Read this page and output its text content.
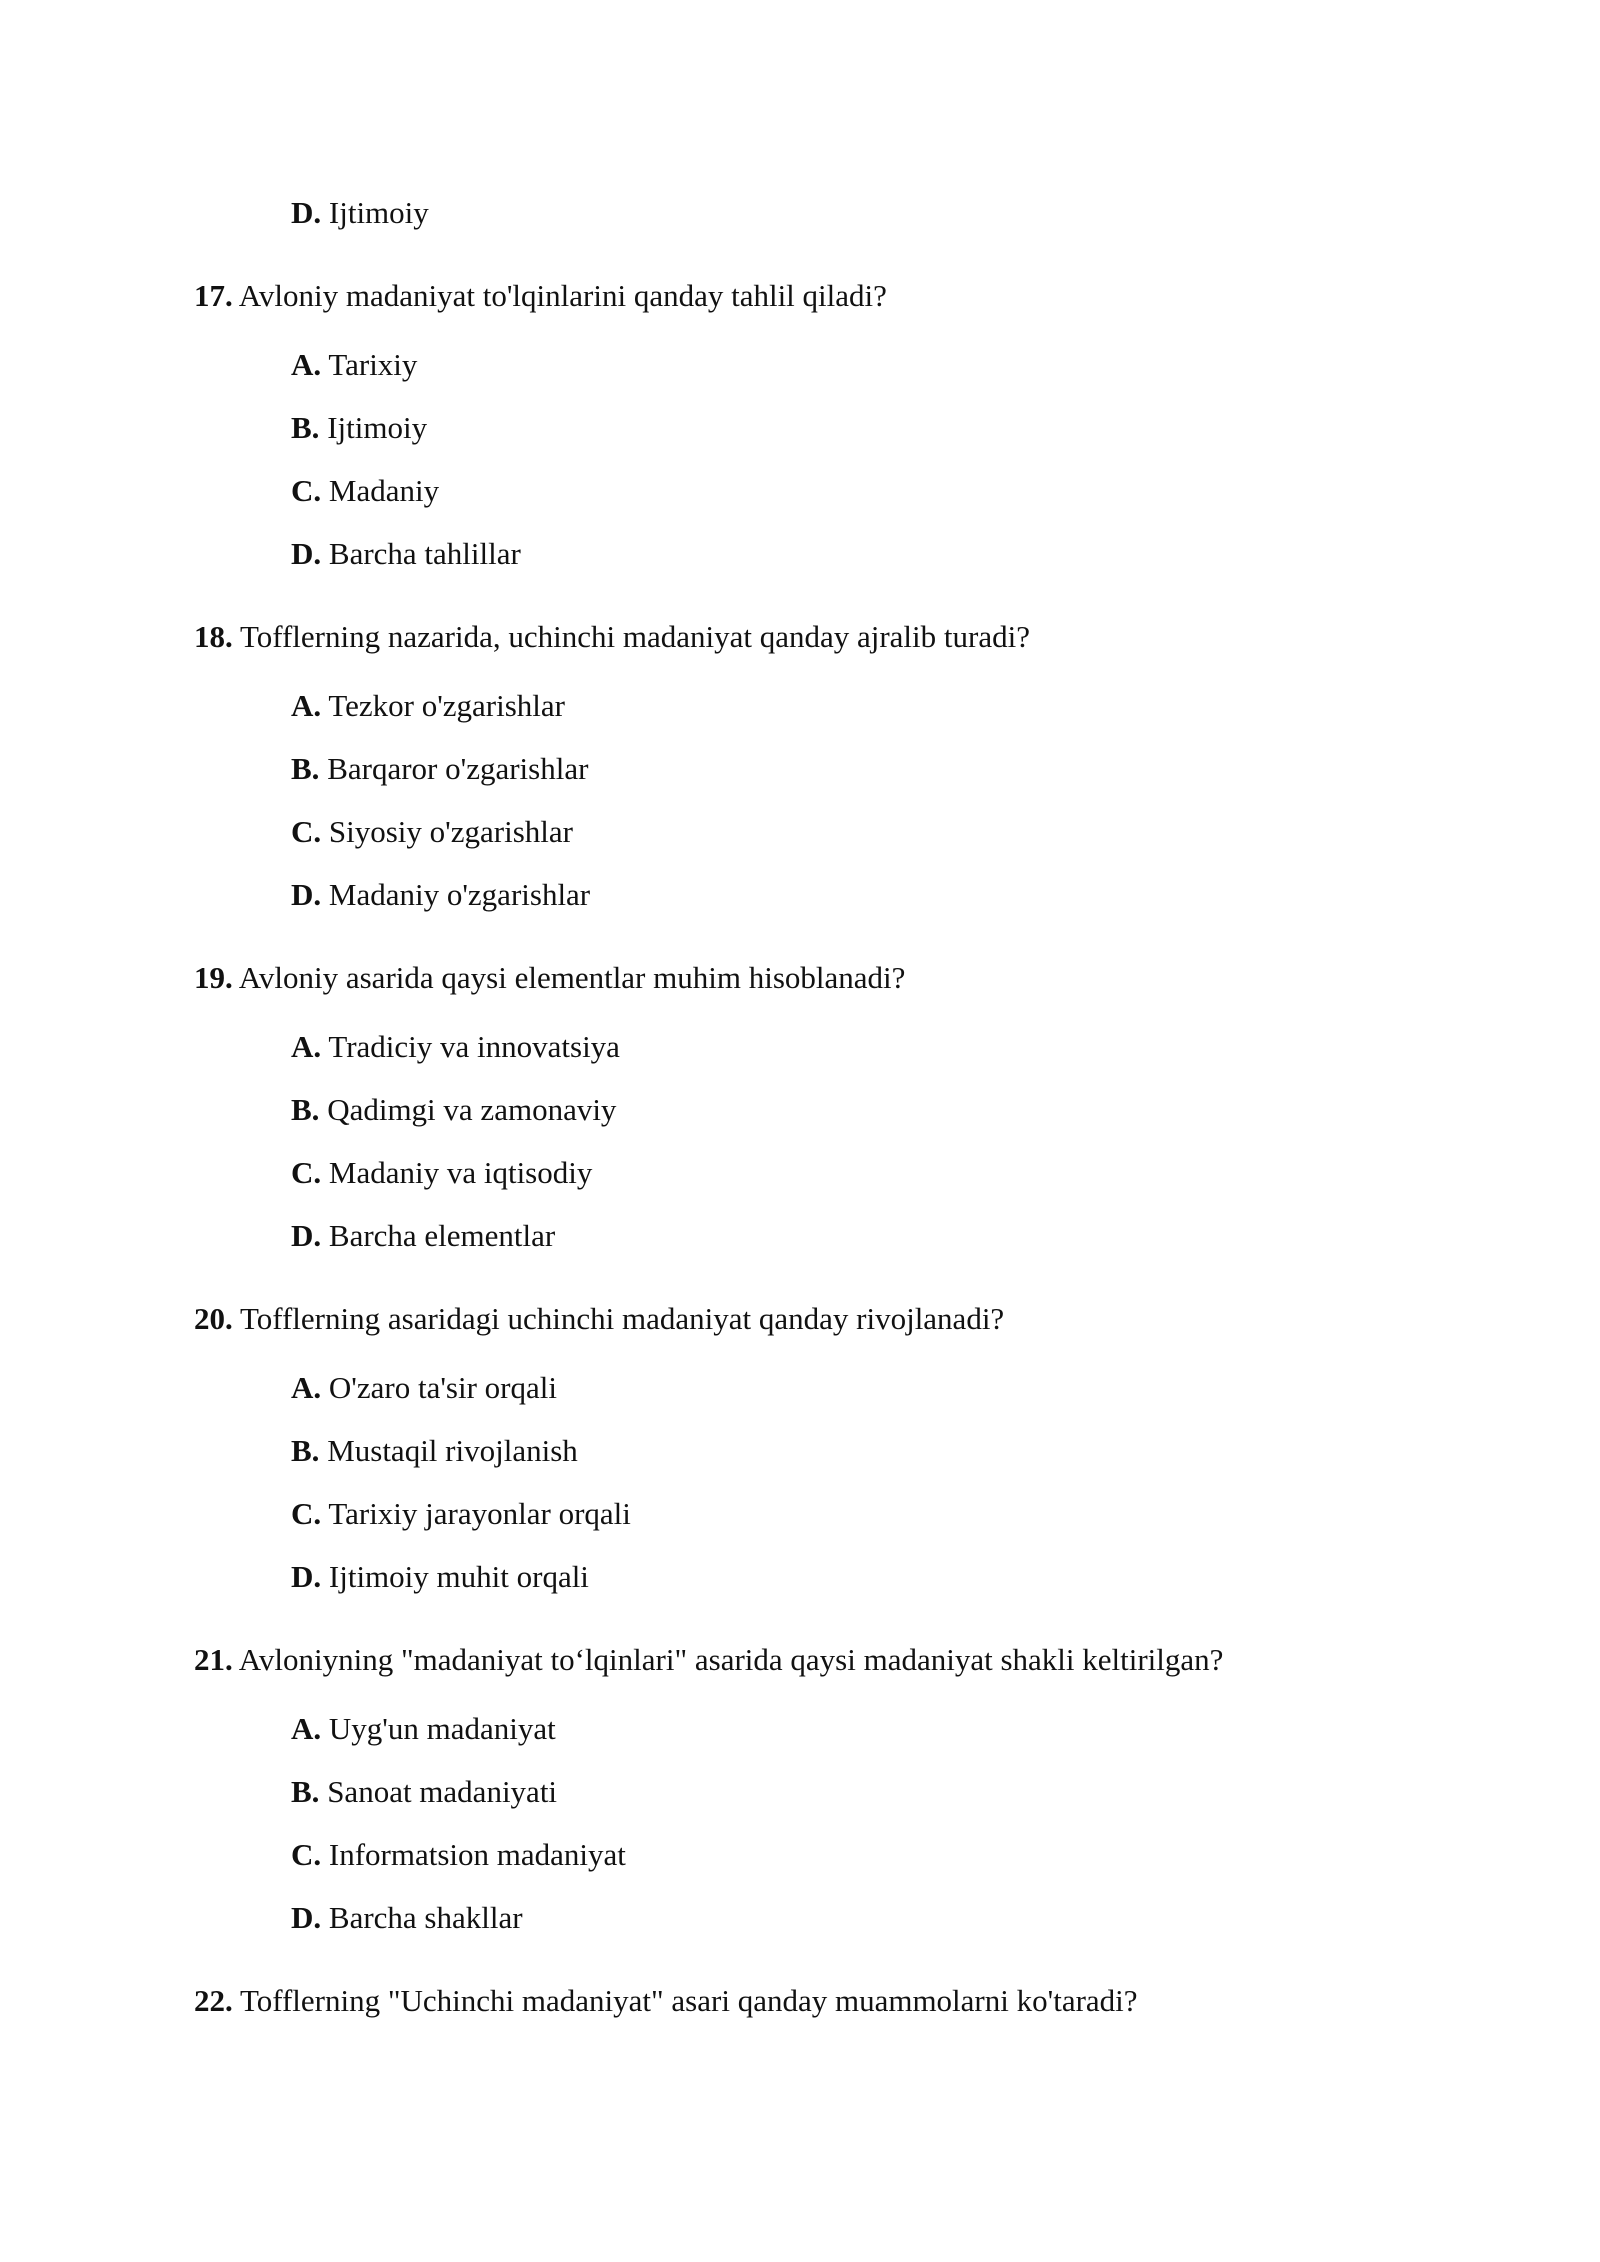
D. Ijtimoiy
17. Avloniy madaniyat to'lqinlarini qanday tahlil qiladi?
A. Tarixiy
B. Ijtimoiy
C. Madaniy
D. Barcha tahlillar
18. Tofflerning nazarida, uchinchi madaniyat qanday ajralib turadi?
A. Tezkor o'zgarishlar
B. Barqaror o'zgarishlar
C. Siyosiy o'zgarishlar
D. Madaniy o'zgarishlar
19. Avloniy asarida qaysi elementlar muhim hisoblanadi?
A. Tradiciy va innovatsiya
B. Qadimgi va zamonaviy
C. Madaniy va iqtisodiy
D. Barcha elementlar
20. Tofflerning asaridagi uchinchi madaniyat qanday rivojlanadi?
A. O'zaro ta'sir orqali
B. Mustaqil rivojlanish
C. Tarixiy jarayonlar orqali
D. Ijtimoiy muhit orqali
21. Avloniyning "madaniyat to‘lqinlari" asarida qaysi madaniyat shakli keltirilgan?
A. Uyg'un madaniyat
B. Sanoat madaniyati
C. Informatsion madaniyat
D. Barcha shakllar
22. Tofflerning "Uchinchi madaniyat" asari qanday muammolarni ko'taradi?
